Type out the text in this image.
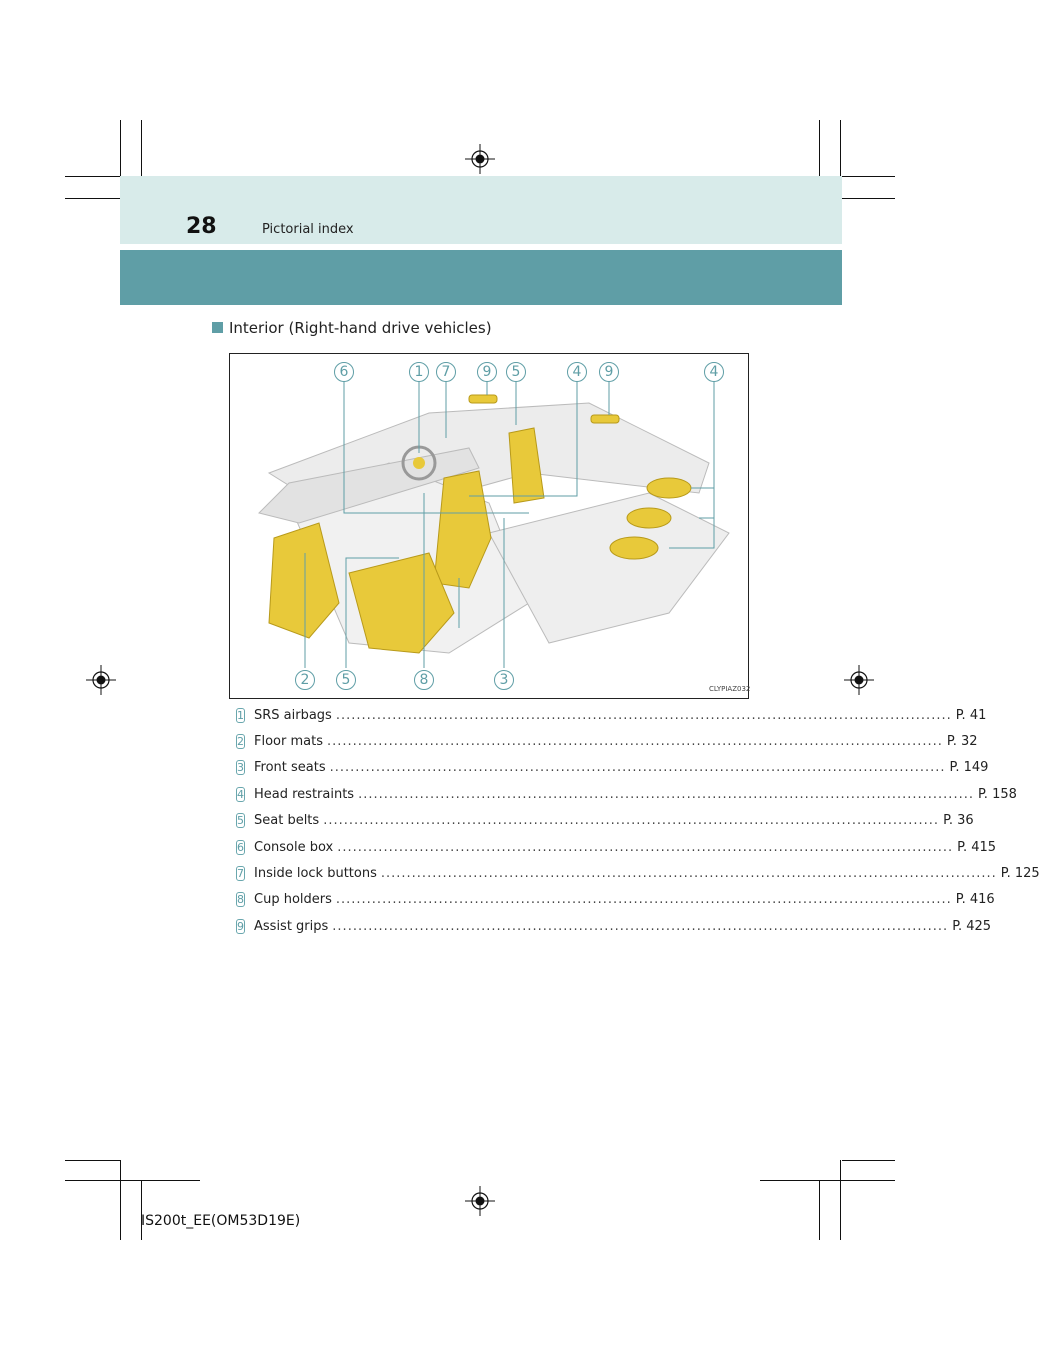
28	Pictorial index
Interior (Right-hand drive vehicles)
CLYPIAZ032
6	1	7	9	5	4	9	4
2	5	8	3
1 SRS airbags ........................................................................................................................ P. 41
2 Floor mats ........................................................................................................................ P. 32
3 Front seats ........................................................................................................................ P. 149
4 Head restraints ........................................................................................................................ P. 158
5 Seat belts ........................................................................................................................ P. 36
6 Console box ........................................................................................................................ P. 415
7 Inside lock buttons ........................................................................................................................ P. 125
8 Cup holders ........................................................................................................................ P. 416
9 Assist grips ........................................................................................................................ P. 425
IS200t_EE(OM53D19E)
